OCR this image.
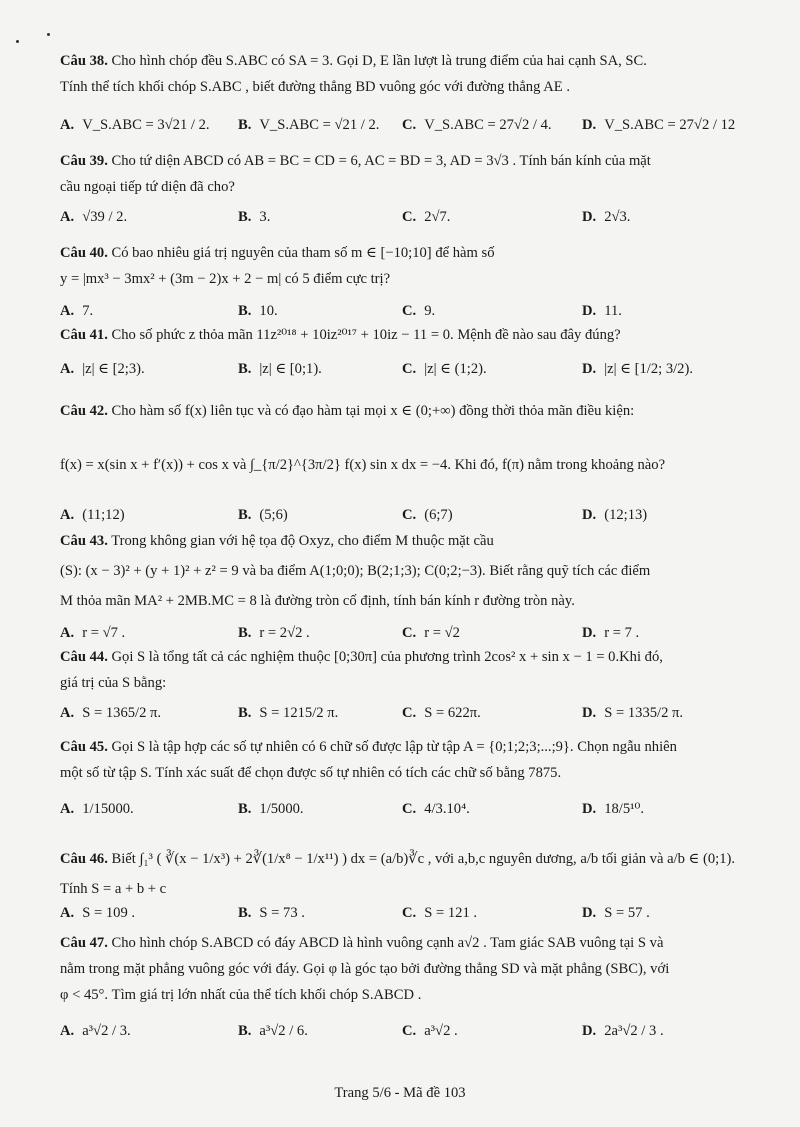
Câu 38. Cho hình chóp đều S.ABC có SA = 3. Gọi D, E lần lượt là trung điểm của hai cạnh SA, SC.
Tính thể tích khối chóp S.ABC , biết đường thẳng BD vuông góc với đường thẳng AE .
A. V_S.ABC = 3√21 / 2. B. V_S.ABC = √21 / 2. C. V_S.ABC = 27√2 / 4. D. V_S.ABC = 27√2 / 12
Câu 39. Cho tứ diện ABCD có AB = BC = CD = 6, AC = BD = 3, AD = 3√3 . Tính bán kính của mặt
cầu ngoại tiếp tứ diện đã cho?
A. √39 / 2.	B. 3.	C. 2√7.	D. 2√3.
Câu 40. Có bao nhiêu giá trị nguyên của tham số m ∈ [−10;10] để hàm số
y = |mx³ − 3mx² + (3m − 2)x + 2 − m| có 5 điểm cực trị?
A. 7.	B. 10.	C. 9.	D. 11.
Câu 41. Cho số phức z thỏa mãn 11z²⁰¹⁸ + 10iz²⁰¹⁷ + 10iz − 11 = 0. Mệnh đề nào sau đây đúng?
A. |z| ∈ [2;3).	B. |z| ∈ [0;1).	C. |z| ∈ (1;2).	D. |z| ∈ [1/2; 3/2).
Câu 42. Cho hàm số f(x) liên tục và có đạo hàm tại mọi x ∈ (0;+∞) đồng thời thỏa mãn điều kiện:
f(x) = x(sin x + f′(x)) + cos x và ∫_{π/2}^{3π/2} f(x) sin x dx = −4. Khi đó, f(π) nằm trong khoảng nào?
A. (11;12)	B. (5;6)	C. (6;7)	D. (12;13)
Câu 43. Trong không gian với hệ tọa độ Oxyz, cho điểm M thuộc mặt cầu
(S): (x − 3)² + (y + 1)² + z² = 9 và ba điểm A(1;0;0); B(2;1;3); C(0;2;−3). Biết rằng quỹ tích các điểm
M thỏa mãn MA² + 2MB.MC = 8 là đường tròn cố định, tính bán kính r đường tròn này.
A. r = √7 .	B. r = 2√2 .	C. r = √2	D. r = 7 .
Câu 44. Gọi S là tổng tất cả các nghiệm thuộc [0;30π] của phương trình 2cos² x + sin x − 1 = 0.Khi đó,
giá trị của S bằng:
A. S = 1365/2 π.	B. S = 1215/2 π.	C. S = 622π.	D. S = 1335/2 π.
Câu 45. Gọi S là tập hợp các số tự nhiên có 6 chữ số được lập từ tập A = {0;1;2;3;...;9}. Chọn ngẫu nhiên
một số từ tập S. Tính xác suất để chọn được số tự nhiên có tích các chữ số bằng 7875.
A. 1/15000.	B. 1/5000.	C. 4/3.10⁴.	D. 18/5¹⁰.
Câu 46. Biết ∫₁³ ( ∛(x − 1/x³) + 2∛(1/x⁸ − 1/x¹¹) ) dx = (a/b)∛c , với a,b,c nguyên dương, a/b tối giản và a/b ∈ (0;1).
Tính S = a + b + c
A. S = 109 .	B. S = 73 .	C. S = 121 .	D. S = 57 .
Câu 47. Cho hình chóp S.ABCD có đáy ABCD là hình vuông cạnh a√2 . Tam giác SAB vuông tại S và
nằm trong mặt phẳng vuông góc với đáy. Gọi φ là góc tạo bởi đường thẳng SD và mặt phẳng (SBC), với
φ < 45°. Tìm giá trị lớn nhất của thể tích khối chóp S.ABCD .
A. a³√2 / 3.	B. a³√2 / 6.	C. a³√2 .	D. 2a³√2 / 3 .
Trang 5/6 - Mã đề 103
